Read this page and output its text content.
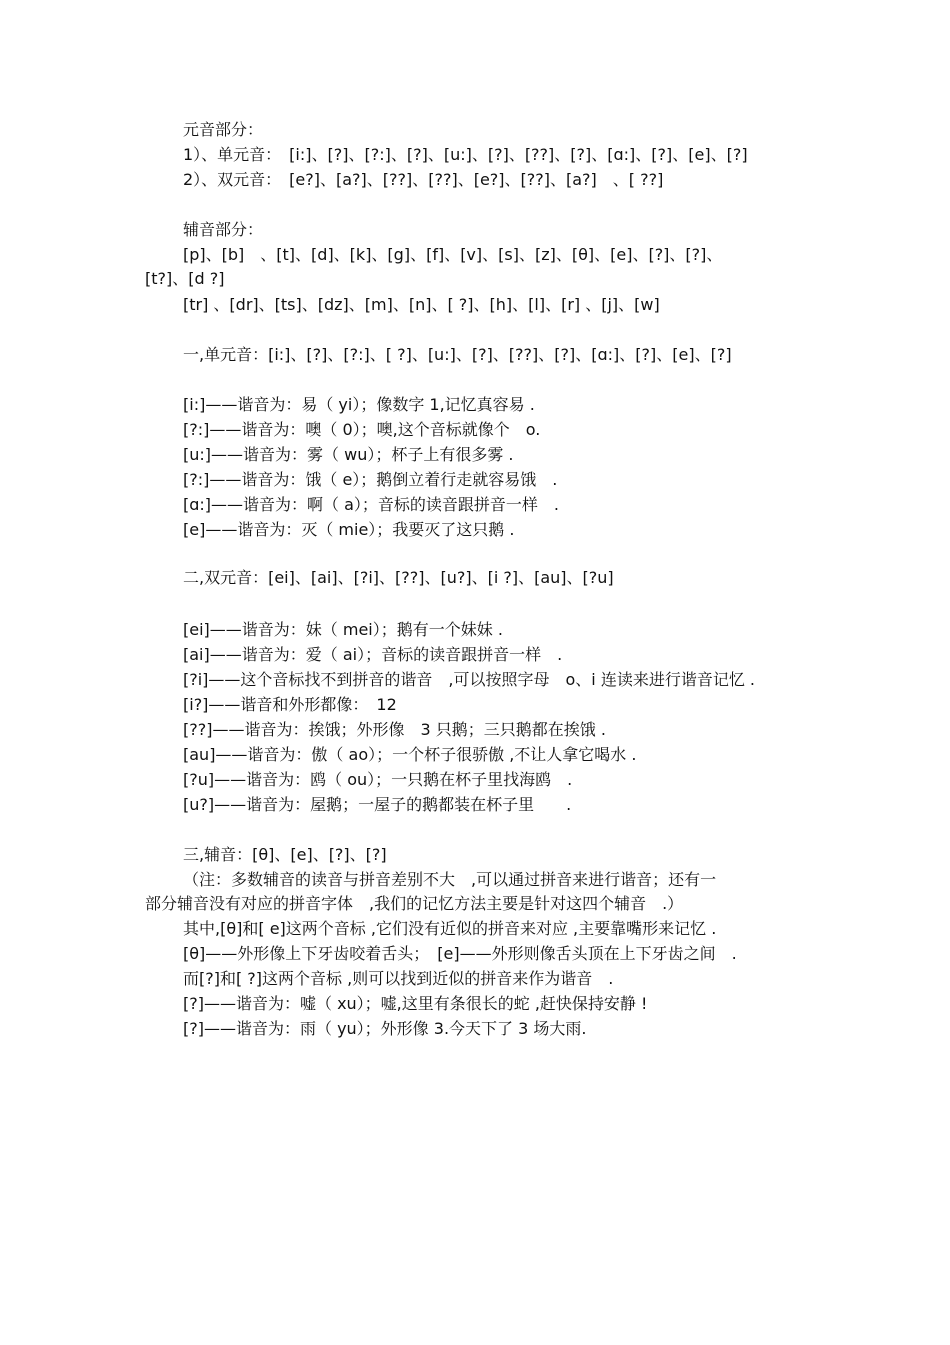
元音部分：
1）、单元音：　[i:]、[?]、[?:]、[?]、[u:]、[?]、[??]、[?]、[ɑ:]、[?]、[e]、[?]
2）、双元音：　[e?]、[a?]、[??]、[??]、[e?]、[??]、[a?]　、[ ??]
辅音部分：
[p]、[b]　、[t]、[d]、[k]、[g]、[f]、[v]、[s]、[z]、[θ]、[e]、[?]、[?]、
[t?]、[d ?]
[tr] 、[dr]、[ts]、[dz]、[m]、[n]、[ ?]、[h]、[l]、[r] 、[j]、[w]
一,单元音：[i:]、[?]、[?:]、[ ?]、[u:]、[?]、[??]、[?]、[ɑ:]、[?]、[e]、[?]
[i:]——谐音为：易（ yi）；像数字 1,记忆真容易 .
[?:]——谐音为：噢（ 0）；噢,这个音标就像个　o.
[u:]——谐音为：雾（ wu）；杯子上有很多雾 .
[?:]——谐音为：饿（ e）；鹅倒立着行走就容易饿　.
[ɑ:]——谐音为：啊（ a）；音标的读音跟拼音一样　.
[e]——谐音为：灭（ mie）；我要灭了这只鹅 .
二,双元音：[ei]、[ai]、[?i]、[??]、[u?]、[i ?]、[au]、[?u]
[ei]——谐音为：妹（ mei）；鹅有一个妹妹 .
[ai]——谐音为：爱（ ai）；音标的读音跟拼音一样　.
[?i]——这个音标找不到拼音的谐音　,可以按照字母　o、i 连读来进行谐音记忆 .
[i?]——谐音和外形都像：　12
[??]——谐音为：挨饿；外形像　3 只鹅；三只鹅都在挨饿 .
[au]——谐音为：傲（ ao）；一个杯子很骄傲 ,不让人拿它喝水 .
[?u]——谐音为：鸥（ ou）；一只鹅在杯子里找海鸥　.
[u?]——谐音为：屋鹅；一屋子的鹅都装在杯子里　　.
三,辅音：[θ]、[e]、[?]、[?]
（注：多数辅音的读音与拼音差别不大　,可以通过拼音来进行谐音；还有一
部分辅音没有对应的拼音字体　,我们的记忆方法主要是针对这四个辅音　.）
其中,[θ]和[ e]这两个音标 ,它们没有近似的拼音来对应 ,主要靠嘴形来记忆 .
[θ]——外形像上下牙齿咬着舌头；　[e]——外形则像舌头顶在上下牙齿之间　.
而[?]和[ ?]这两个音标 ,则可以找到近似的拼音来作为谐音　.
[?]——谐音为：嘘（ xu）；嘘,这里有条很长的蛇 ,赶快保持安静 !
[?]——谐音为：雨（ yu）；外形像 3.今天下了 3 场大雨.
